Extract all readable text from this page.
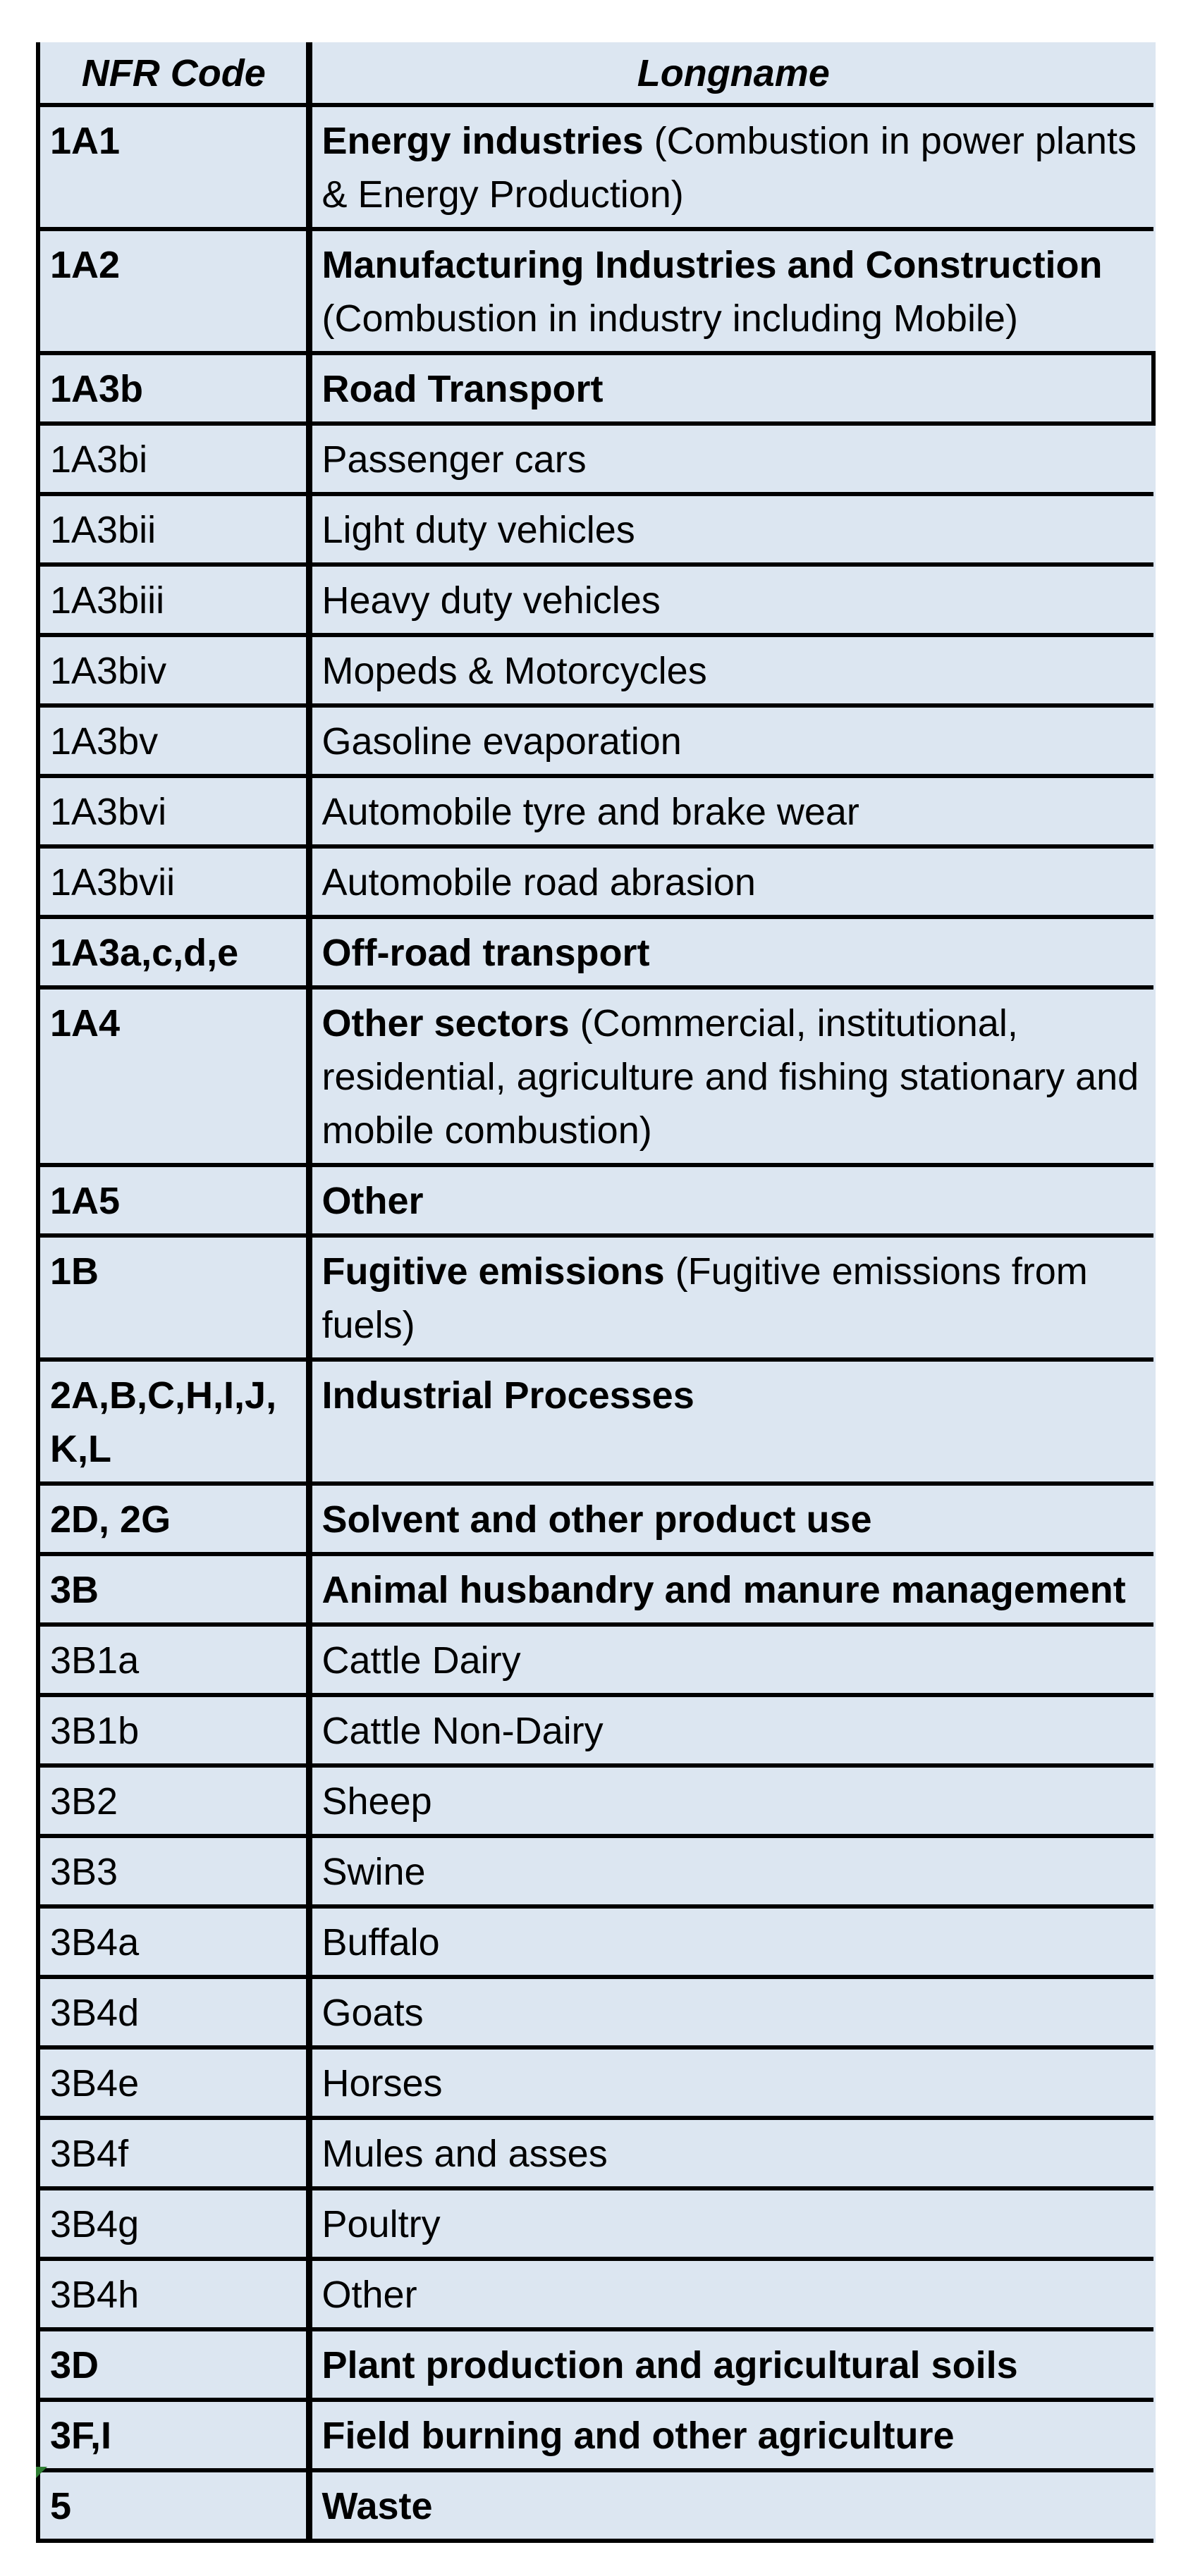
NFR Code	Longname
1A1	Energy industries (Combustion in power plants & Energy Production)
1A2	Manufacturing Industries and Construction (Combustion in industry including Mobile)
1A3b	Road Transport
1A3bi	Passenger cars
1A3bii	Light duty vehicles
1A3biii	Heavy duty vehicles
1A3biv	Mopeds & Motorcycles
1A3bv	Gasoline evaporation
1A3bvi	Automobile tyre and brake wear
1A3bvii	Automobile road abrasion
1A3a,c,d,e	Off-road transport
1A4	Other sectors (Commercial, institutional, residential, agriculture and fishing stationary and mobile combustion)
1A5	Other
1B	Fugitive emissions (Fugitive emissions from fuels)
2A,B,C,H,I,J,K,L	Industrial Processes
2D, 2G	Solvent and other product use
3B	Animal husbandry and manure management
3B1a	Cattle Dairy
3B1b	Cattle Non-Dairy
3B2	Sheep
3B3	Swine
3B4a	Buffalo
3B4d	Goats
3B4e	Horses
3B4f	Mules and asses
3B4g	Poultry
3B4h	Other
3D	Plant production and agricultural soils
3F,I	Field burning and other agriculture
5	Waste
